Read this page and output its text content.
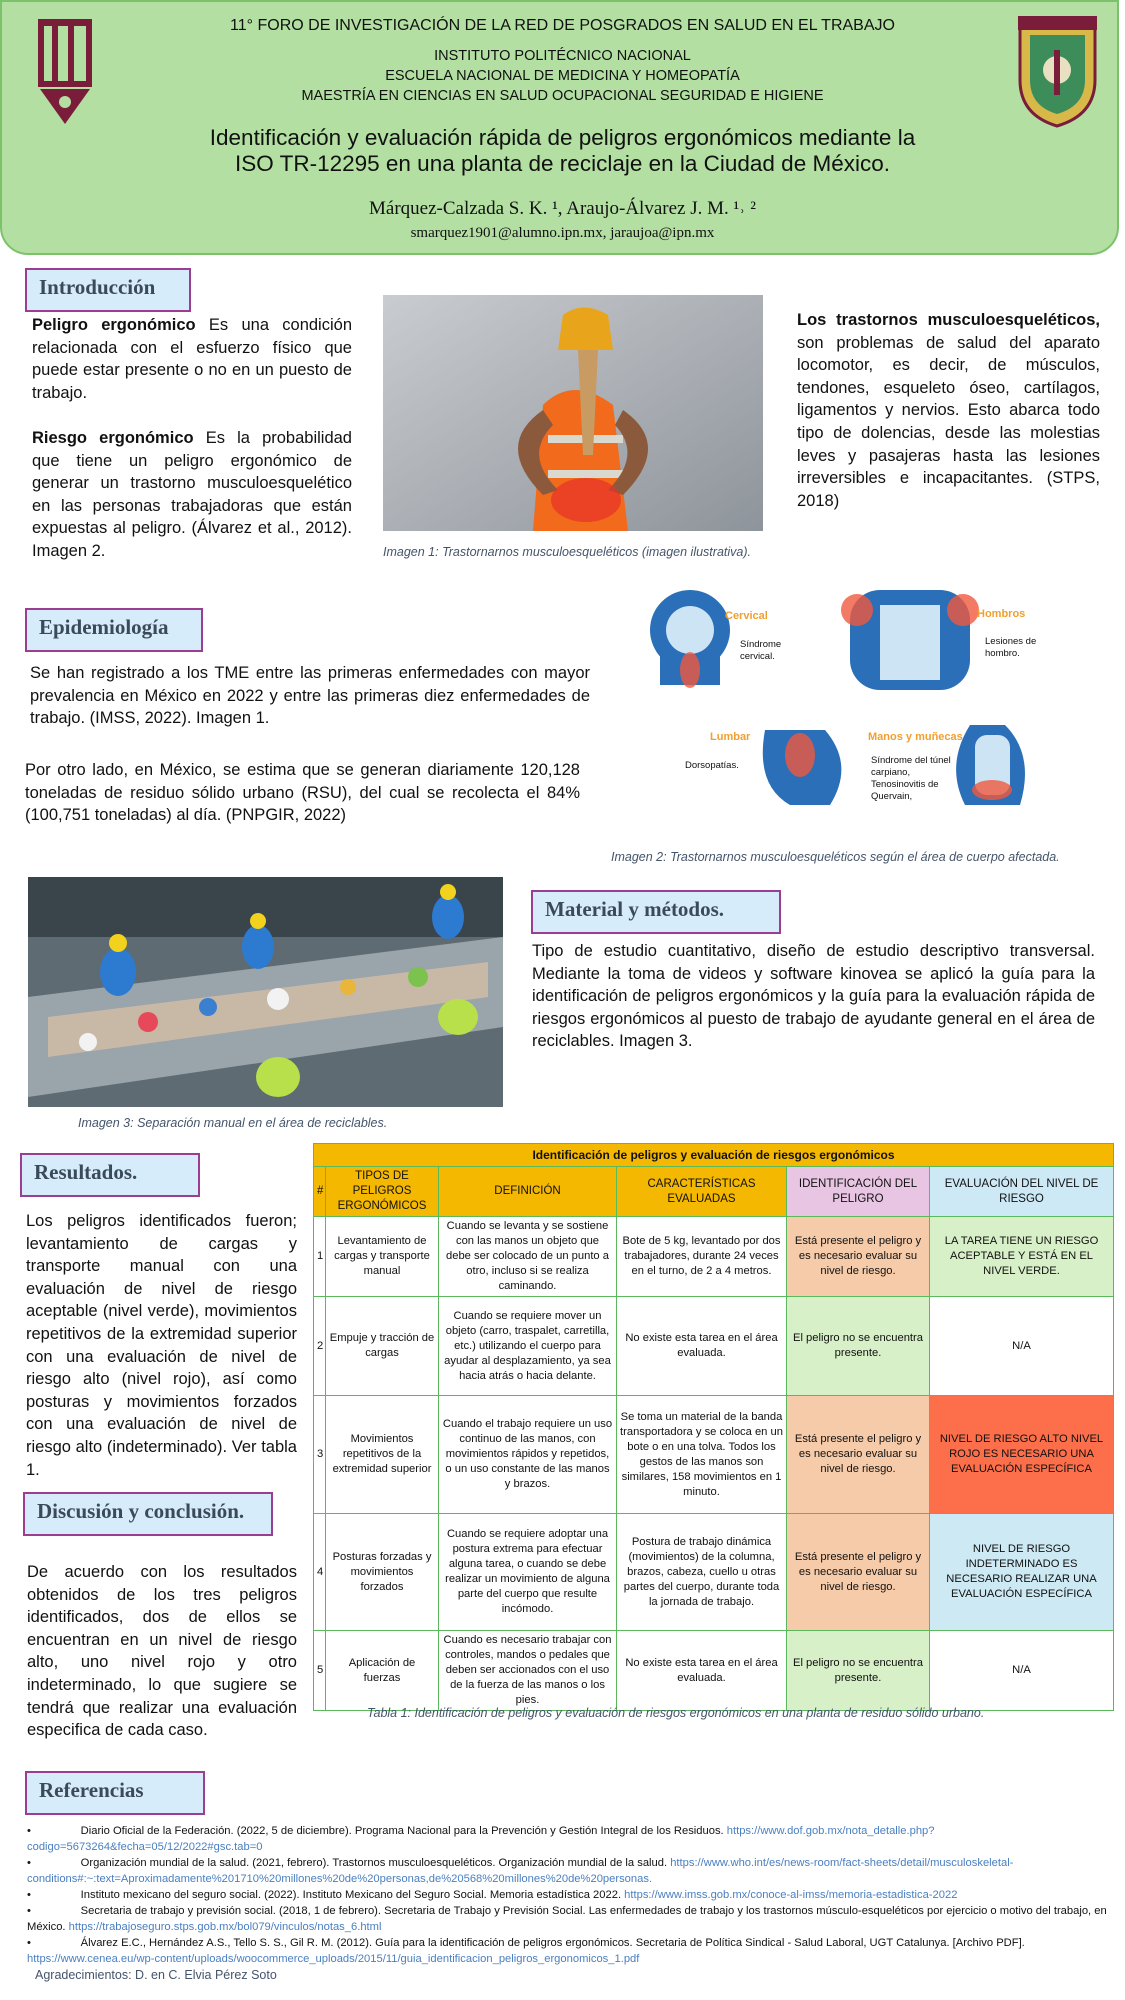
11° FORO DE INVESTIGACIÓN DE LA RED DE POSGRADOS EN SALUD EN EL TRABAJO
INSTITUTO POLITÉCNICO NACIONAL
ESCUELA NACIONAL DE MEDICINA Y HOMEOPATÍA
MAESTRÍA EN CIENCIAS EN SALUD OCUPACIONAL SEGURIDAD E HIGIENE
Identificación y evaluación rápida de peligros ergonómicos mediante la
ISO TR-12295 en una planta de reciclaje en la Ciudad de México.
Márquez-Calzada S. K. ¹, Araujo-Álvarez J. M. ¹˒ ²
smarquez1901@alumno.ipn.mx, jaraujoa@ipn.mx
Introducción
Peligro ergonómico Es una condición relacionada con el esfuerzo físico que puede estar presente o no en un puesto de trabajo.
Riesgo ergonómico Es la probabilidad que tiene un peligro ergonómico de generar un trastorno musculoesquelético en las personas trabajadoras que están expuestas al peligro. (Álvarez et al., 2012). Imagen 2.	Imagen 1: Trastornarnos musculoesqueléticos (imagen ilustrativa).
Los trastornos musculoesqueléticos, son problemas de salud del aparato locomotor, es decir, de músculos, tendones, esqueleto óseo, cartílagos, ligamentos y nervios. Esto abarca todo tipo de dolencias, desde las molestias leves y pasajeras hasta las lesiones irreversibles e incapacitantes. (STPS, 2018)
Epidemiología
Se han registrado a los TME entre las primeras enfermedades con mayor prevalencia en México en 2022 y entre las primeras diez enfermedades de trabajo. (IMSS, 2022). Imagen 1.
Por otro lado, en México, se estima que se generan diariamente 120,128 toneladas de residuo sólido urbano (RSU), del cual se recolecta el 84% (100,751 toneladas) al día. (PNPGIR, 2022)
Cervical
Síndrome cervical.
Hombros
Lesiones de hombro.
Lumbar
Dorsopatías.
Manos y muñecas
Síndrome del túnel carpiano, Tenosinovitis de Quervain,
Imagen 2: Trastornarnos musculoesqueléticos según el área de cuerpo afectada.
Imagen 3: Separación manual en el área de reciclables.
Material y métodos.
Tipo de estudio cuantitativo, diseño de estudio descriptivo transversal. Mediante la toma de videos y software kinovea se aplicó la guía para la identificación de peligros ergonómicos y la guía para la evaluación rápida de riesgos ergonómicos al puesto de trabajo de ayudante general en el área de reciclables. Imagen 3.
Resultados.
Los peligros identificados fueron; levantamiento de cargas y transporte manual con una evaluación de nivel de riesgo aceptable (nivel verde), movimientos repetitivos de la extremidad superior con una evaluación de nivel de riesgo alto (nivel rojo), así como posturas y movimientos forzados con una evaluación de nivel de riesgo alto (indeterminado). Ver tabla 1.
Discusión y conclusión.
De acuerdo con los resultados obtenidos de los tres peligros identificados, dos de ellos se encuentran en un nivel de riesgo alto, uno nivel rojo y otro indeterminado, lo que sugiere se tendrá que realizar una evaluación especifica de cada caso.
Identificación de peligros y evaluación de riesgos ergonómicos					
#	TIPOS DE PELIGROS ERGONÓMICOS	DEFINICIÓN	CARACTERÍSTICAS EVALUADAS	IDENTIFICACIÓN DEL PELIGRO	EVALUACIÓN DEL NIVEL DE RIESGO
1	Levantamiento de cargas y transporte manual	Cuando se levanta y se sostiene con las manos un objeto que debe ser colocado de un punto a otro, incluso si se realiza caminando.	Bote de 5 kg, levantado por dos trabajadores, durante 24 veces en el turno, de 2 a 4 metros.	Está presente el peligro y es necesario evaluar su nivel de riesgo.	LA TAREA TIENE UN RIESGO ACEPTABLE Y ESTÁ EN EL NIVEL VERDE.
2	Empuje y tracción de cargas	Cuando se requiere mover un objeto (carro, traspalet, carretilla, etc.) utilizando el cuerpo para ayudar al desplazamiento, ya sea hacia atrás o hacia delante.	No existe esta tarea en el área evaluada.	El peligro no se encuentra presente.	N/A
3	Movimientos repetitivos de la extremidad superior	Cuando el trabajo requiere un uso continuo de las manos, con movimientos rápidos y repetidos, o un uso constante de las manos y brazos.	Se toma un material de la banda transportadora y se coloca en un bote o en una tolva. Todos los gestos de las manos son similares, 158 movimientos en 1 minuto.	Está presente el peligro y es necesario evaluar su nivel de riesgo.	NIVEL DE RIESGO ALTO NIVEL ROJO ES NECESARIO UNA EVALUACIÓN ESPECÍFICA
4	Posturas forzadas y movimientos forzados	Cuando se requiere adoptar una postura extrema para efectuar alguna tarea, o cuando se debe realizar un movimiento de alguna parte del cuerpo que resulte incómodo.	Postura de trabajo dinámica (movimientos) de la columna, brazos, cabeza, cuello u otras partes del cuerpo, durante toda la jornada de trabajo.	Está presente el peligro y es necesario evaluar su nivel de riesgo.	NIVEL DE RIESGO INDETERMINADO ES NECESARIO REALIZAR UNA EVALUACIÓN ESPECÍFICA
5	Aplicación de fuerzas	Cuando es necesario trabajar con controles, mandos o pedales que deben ser accionados con el uso de la fuerza de las manos o los pies.	No existe esta tarea en el área evaluada.	El peligro no se encuentra presente.	N/A
Tabla 1: Identificación de peligros y evaluación de riesgos ergonómicos en una planta de residuo sólido urbano.
Referencias
•                Diario Oficial de la Federación. (2022, 5 de diciembre). Programa Nacional para la Prevención y Gestión Integral de los Residuos. https://www.dof.gob.mx/nota_detalle.php?codigo=5673264&fecha=05/12/2022#gsc.tab=0
•                Organización mundial de la salud. (2021, febrero). Trastornos musculoesqueléticos. Organización mundial de la salud. https://www.who.int/es/news-room/fact-sheets/detail/musculoskeletal-conditions#:~:text=Aproximadamente%201710%20millones%20de%20personas,de%20568%20millones%20de%20personas.
•                Instituto mexicano del seguro social. (2022). Instituto Mexicano del Seguro Social. Memoria estadística 2022. https://www.imss.gob.mx/conoce-al-imss/memoria-estadistica-2022
•                Secretaria de trabajo y previsión social. (2018, 1 de febrero). Secretaria de Trabajo y Previsión Social. Las enfermedades de trabajo y los trastornos músculo-esqueléticos por ejercicio o motivo del trabajo, en México. https://trabajoseguro.stps.gob.mx/bol079/vinculos/notas_6.html
•                Álvarez E.C., Hernández A.S., Tello S. S., Gil R. M. (2012). Guía para la identificación de peligros ergonómicos. Secretaria de Política Sindical - Salud Laboral, UGT Catalunya. [Archivo PDF]. https://www.cenea.eu/wp-content/uploads/woocommerce_uploads/2015/11/guia_identificacion_peligros_ergonomicos_1.pdf
Agradecimientos: D. en C. Elvia Pérez Soto
